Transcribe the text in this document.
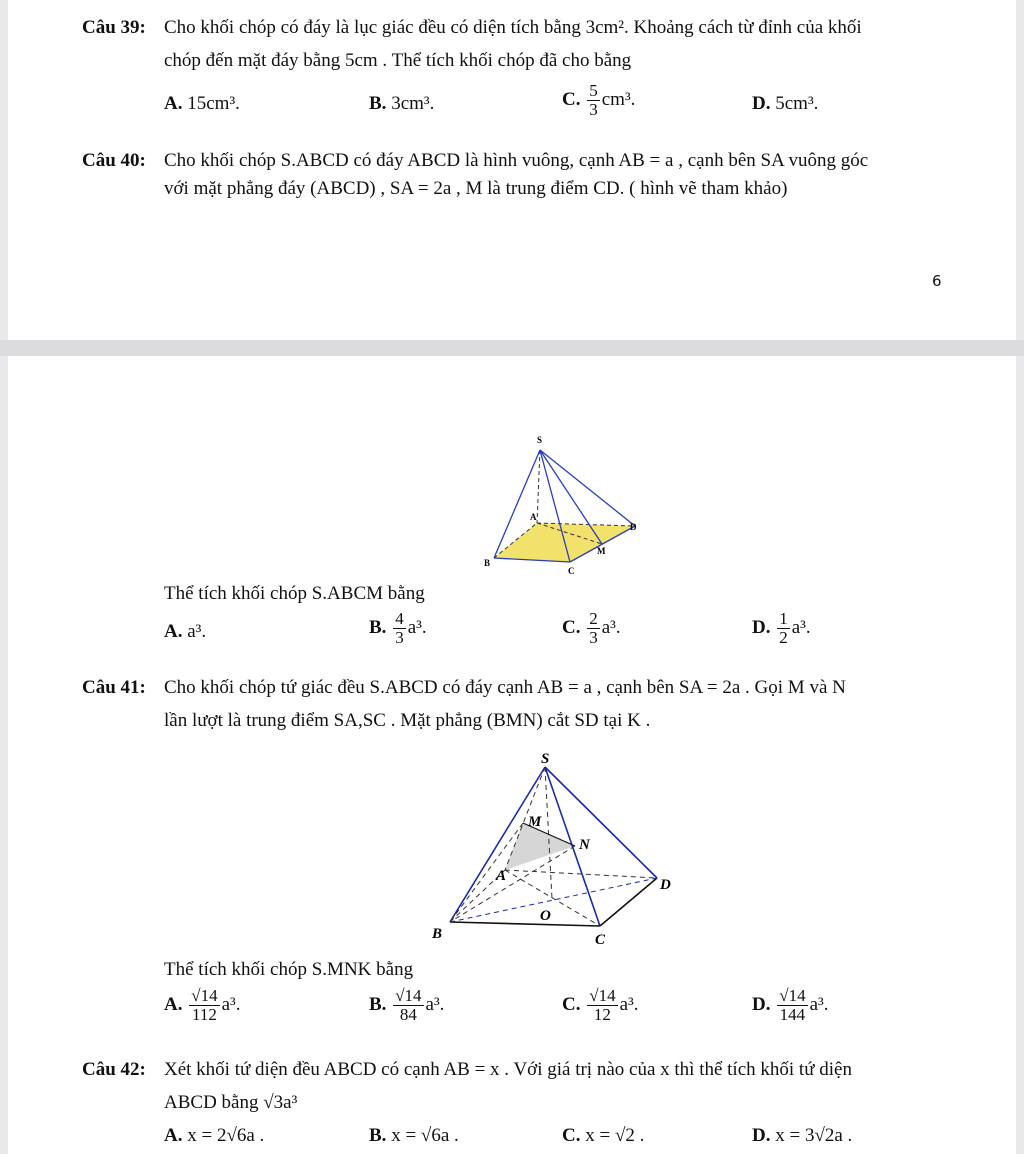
Câu 39: Cho khối chóp có đáy là lục giác đều có diện tích bằng 3cm². Khoảng cách từ đỉnh của khối
chóp đến mặt đáy bằng 5cm . Thể tích khối chóp đã cho bằng
A. 15cm³.	B. 3cm³.	C. $\frac{5}{3} cm^3$.	D. 5cm³.
Câu 40: Cho khối chóp S.ABCD có đáy ABCD là hình vuông, cạnh AB = a , cạnh bên SA vuông góc
với mặt phẳng đáy (ABCD) , SA = 2a , M là trung điểm CD. ( hình vẽ tham khảo)
6
S
A
B
C
D
M
Thể tích khối chóp S.ABCM bằng
A. a³.	B. $\frac{4}{3} a^3$.	C. $\frac{2}{3} a^3$.	D. $\frac{1}{2} a^3$.
Câu 41: Cho khối chóp tứ giác đều S.ABCD có đáy cạnh AB = a , cạnh bên SA = 2a . Gọi M và N
lần lượt là trung điểm SA,SC . Mặt phẳng (BMN) cắt SD tại K .
S
M
N
A
D
O
B	C
Thể tích khối chóp S.MNK bằng
A. $\frac{√14}{112} a^3$.	B. $\frac{√14}{84} a^3$.	C. $\frac{√14}{12} a^3$.	D. $\frac{√14}{144} a^3$.
Câu 42: Xét khối tứ diện đều ABCD có cạnh AB = x . Với giá trị nào của x thì thể tích khối tứ diện
ABCD bằng √3a³
A. x = 2√6a .	B. x = √6a .	C. x = √2 .	D. x = 3√2a .
